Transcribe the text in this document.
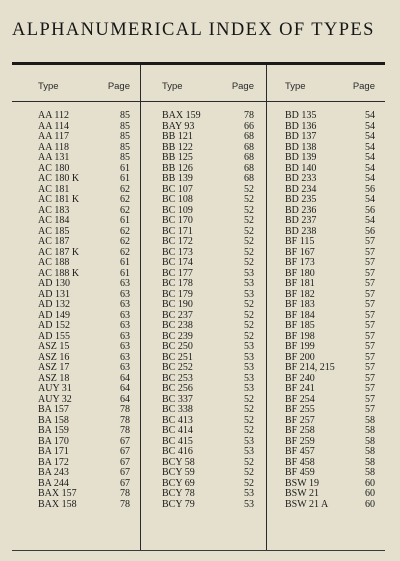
ALPHANUMERICAL INDEX OF TYPES
Type	Page
AA 112	85
AA 114	85
AA 117	85
AA 118	85
AA 131	85
AC 180	61
AC 180 K	61
AC 181	62
AC 181 K	62
AC 183	62
AC 184	61
AC 185	62
AC 187	62
AC 187 K	62
AC 188	61
AC 188 K	61
AD 130	63
AD 131	63
AD 132	63
AD 149	63
AD 152	63
AD 155	63
ASZ 15	63
ASZ 16	63
ASZ 17	63
ASZ 18	64
AUY 31	64
AUY 32	64
BA 157	78
BA 158	78
BA 159	78
BA 170	67
BA 171	67
BA 172	67
BA 243	67
BA 244	67
BAX 157	78
BAX 158	78
Type	Page
BAX 159	78
BAY 93	66
BB 121	68
BB 122	68
BB 125	68
BB 126	68
BB 139	68
BC 107	52
BC 108	52
BC 109	52
BC 170	52
BC 171	52
BC 172	52
BC 173	52
BC 174	52
BC 177	53
BC 178	53
BC 179	53
BC 190	52
BC 237	52
BC 238	52
BC 239	52
BC 250	53
BC 251	53
BC 252	53
BC 253	53
BC 256	53
BC 337	52
BC 338	52
BC 413	52
BC 414	52
BC 415	53
BC 416	53
BCY 58	52
BCY 59	52
BCY 69	52
BCY 78	53
BCY 79	53
Type	Page
BD 135	54
BD 136	54
BD 137	54
BD 138	54
BD 139	54
BD 140	54
BD 233	54
BD 234	56
BD 235	54
BD 236	56
BD 237	54
BD 238	56
BF 115	57
BF 167	57
BF 173	57
BF 180	57
BF 181	57
BF 182	57
BF 183	57
BF 184	57
BF 185	57
BF 198	57
BF 199	57
BF 200	57
BF 214, 215	57
BF 240	57
BF 241	57
BF 254	57
BF 255	57
BF 257	58
BF 258	58
BF 259	58
BF 457	58
BF 458	58
BF 459	58
BSW 19	60
BSW 21	60
BSW 21 A	60
